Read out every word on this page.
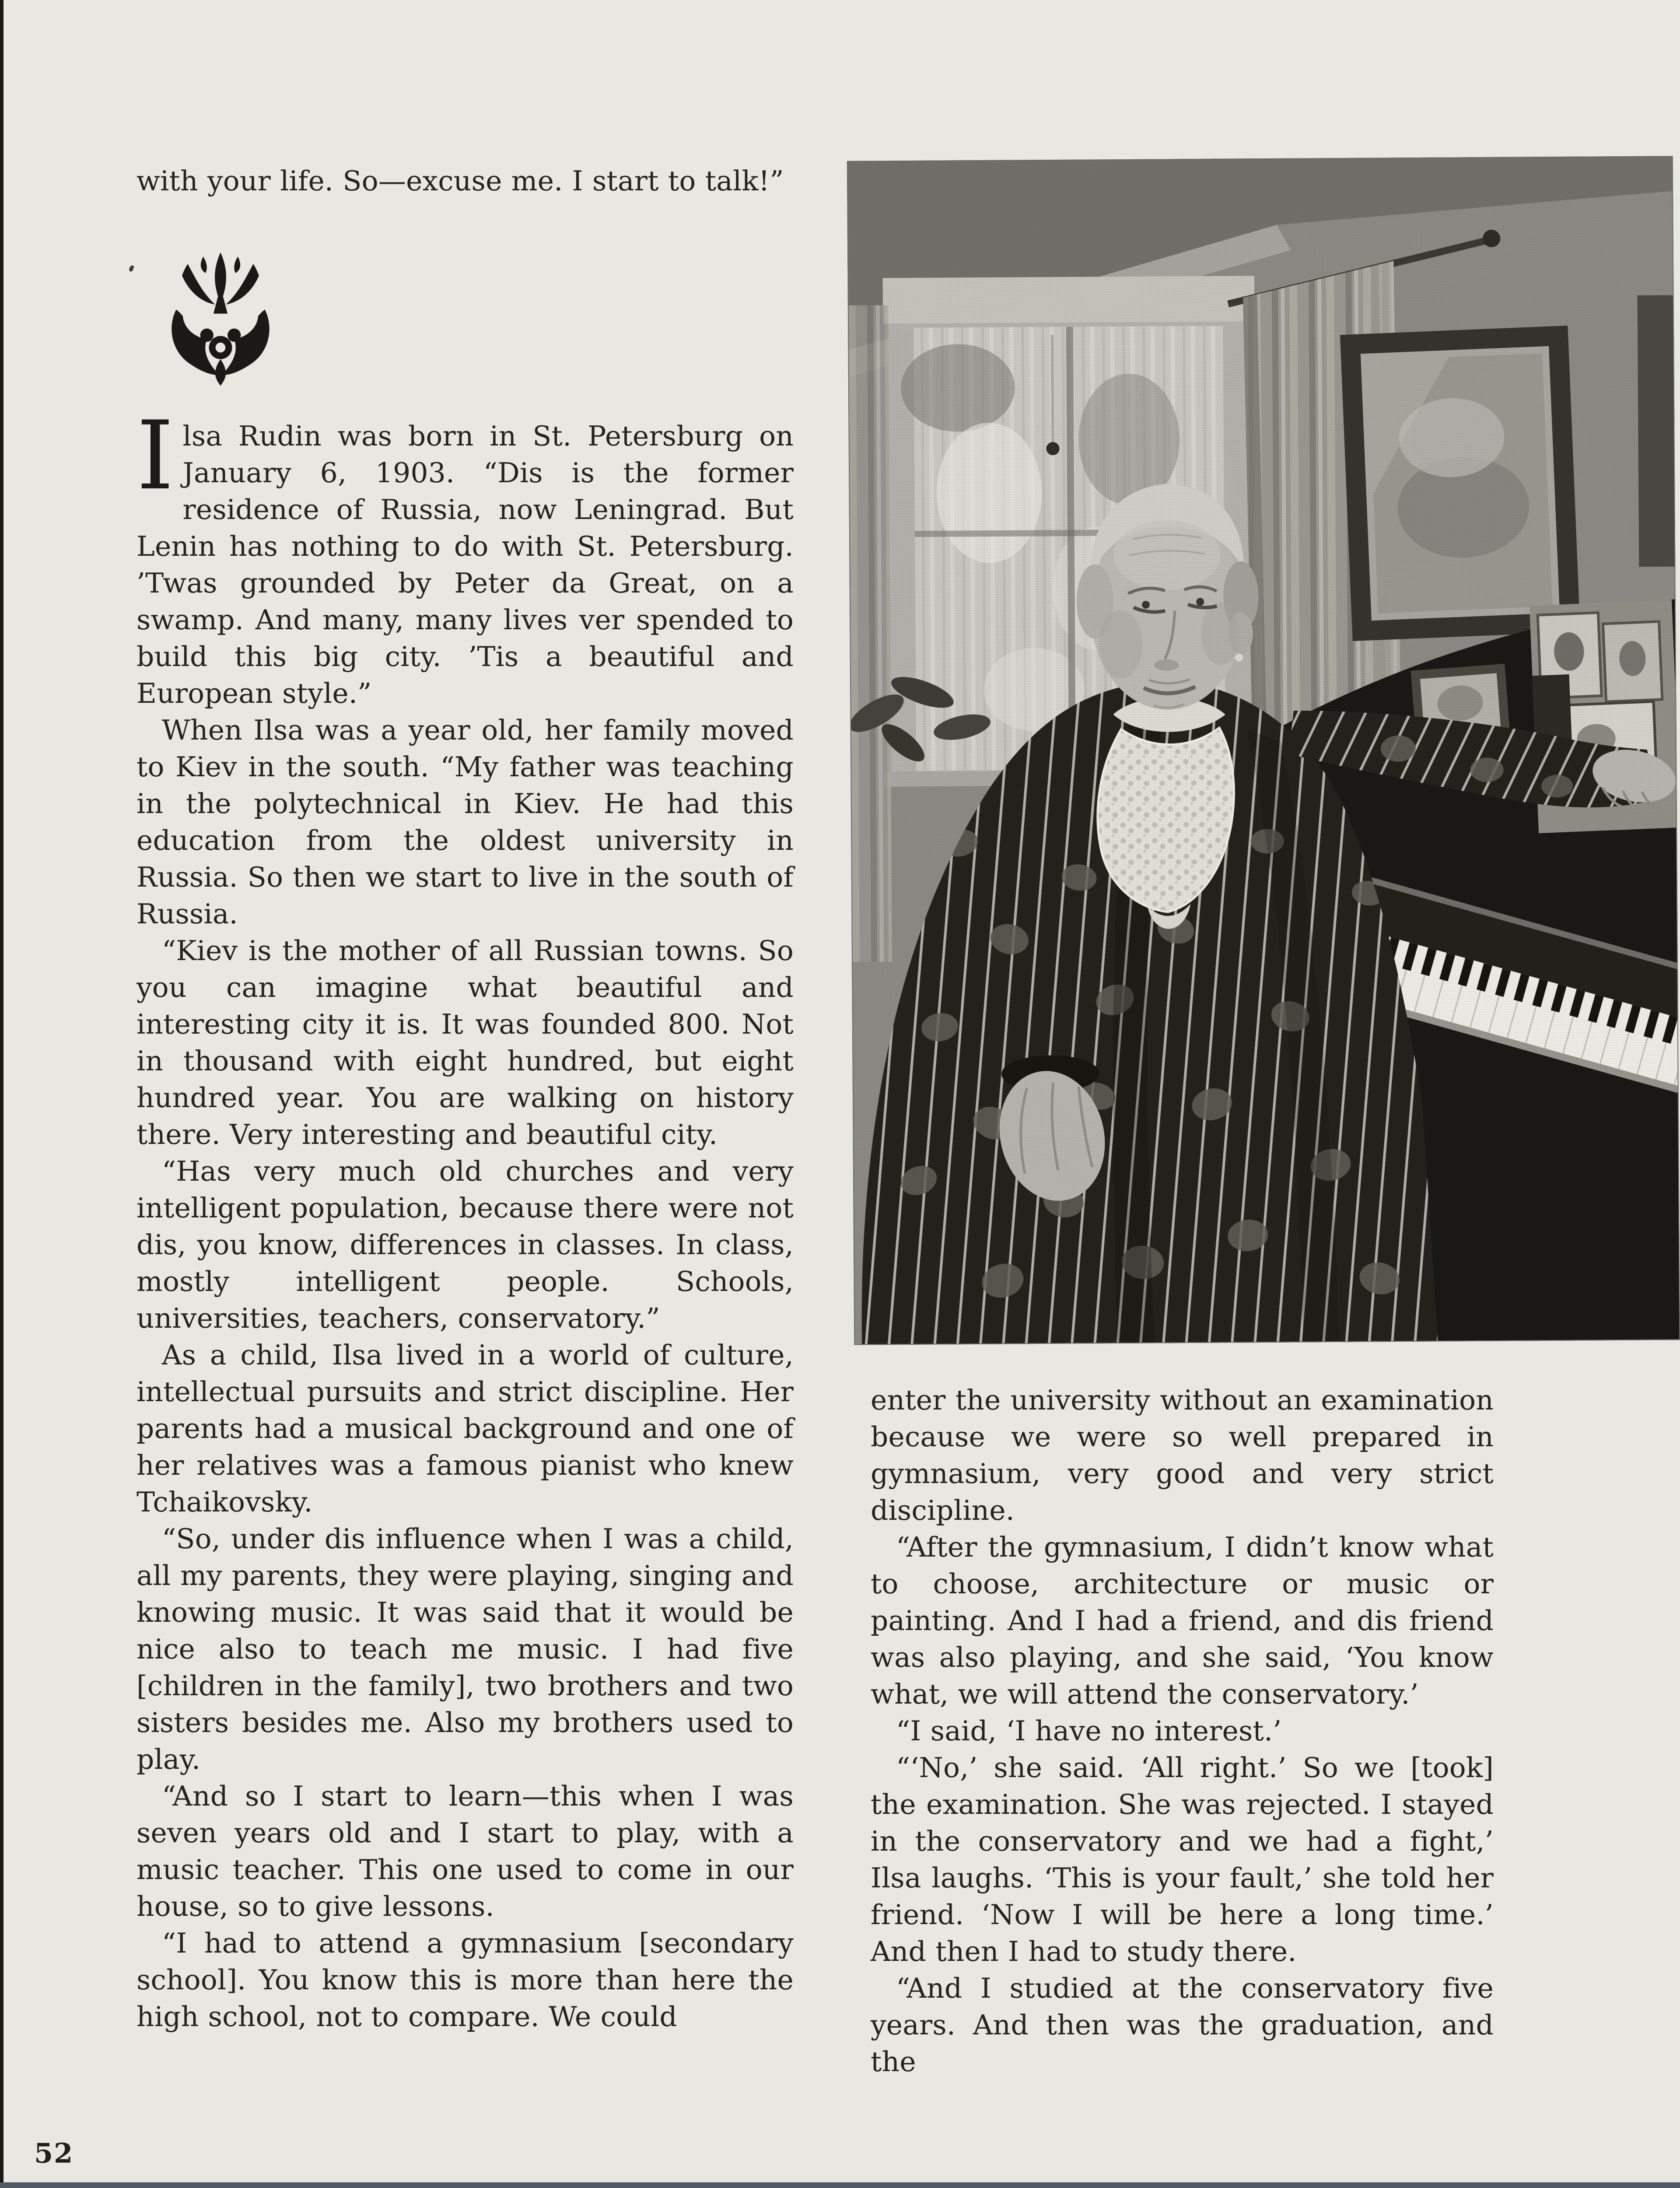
with your life. So—excuse me. I start to talk!”

Ilsa Rudin was born in St. Petersburg on January 6, 1903. “Dis is the former residence of Russia, now Leningrad. But Lenin has nothing to do with St. Petersburg. ’Twas grounded by Peter da Great, on a swamp. And many, many lives ver spended to build this big city. ’Tis a beautiful and European style.”

When Ilsa was a year old, her family moved to Kiev in the south. “My father was teaching in the polytechnical in Kiev. He had this education from the oldest university in Russia. So then we start to live in the south of Russia.

“Kiev is the mother of all Russian towns. So you can imagine what beautiful and interesting city it is. It was founded 800. Not in thousand with eight hundred, but eight hundred year. You are walking on history there. Very interesting and beautiful city.

“Has very much old churches and very intelligent population, because there were not dis, you know, differences in classes. In class, mostly intelligent people. Schools, universities, teachers, conservatory.”

As a child, Ilsa lived in a world of culture, intellectual pursuits and strict discipline. Her parents had a musical background and one of her relatives was a famous pianist who knew Tchaikovsky.

“So, under dis influence when I was a child, all my parents, they were playing, singing and knowing music. It was said that it would be nice also to teach me music. I had five [children in the family], two brothers and two sisters besides me. Also my brothers used to play.

“And so I start to learn—this when I was seven years old and I start to play, with a music teacher. This one used to come in our house, so to give lessons.

“I had to attend a gymnasium [secondary school]. You know this is more than here the high school, not to compare. We could

enter the university without an examination because we were so well prepared in gymnasium, very good and very strict discipline.

“After the gymnasium, I didn’t know what to choose, architecture or music or painting. And I had a friend, and dis friend was also playing, and she said, ‘You know what, we will attend the conservatory.’

“I said, ‘I have no interest.’

“‘No,’ she said. ‘All right.’ So we [took] the examination. She was rejected. I stayed in the conservatory and we had a fight,’ Ilsa laughs. ‘This is your fault,’ she told her friend. ‘Now I will be here a long time.’ And then I had to study there.

“And I studied at the conservatory five years. And then was the graduation, and the

52
